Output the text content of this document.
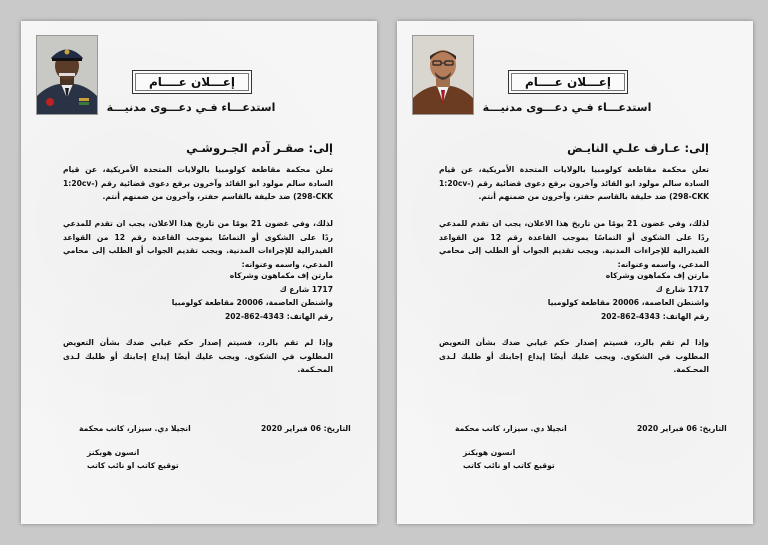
إعـــلان عــــام
استدعـــاء فـي دعـــوى مدنيـــة
إلى: صقـر آدم الجـروشـي
تعلن محكمة مقاطعة كولومبيا بالولايات المتحدة الأمريكية، عن قيام السادة سالم مولود ابو القائد وآخرون برفع دعوى قضائية رقم (1:20cv-298-CKK) ضد خليفة بالقاسم حفتر، وآخرون من ضمنهم أنتم.
لذلك، وفي غضون 21 يومًا من تاريخ هذا الاعلان، يجب ان تقدم للمدعي ردًا على الشكوى أو التماسًا بموجب القاعدة رقم 12 من القواعد الفيدرالية للإجراءات المدنية. ويجب تقديم الجواب أو الطلب إلى محامي المدعي، واسمه وعنوانه:
مارتن إف مكماهون وشركاه
1717 شارع ك
واشنطن العاصمة، 20006 مقاطعة كولومبيا
رقم الهاتف: 4343-862-202
وإذا لم تقم بالرد، فسيتم إصدار حكم غيابي ضدك بشأن التعويض المطلوب في الشكوى. ويجب عليك أيضًا إيداع إجابتك أو طلبك لـدى المحـكمة.
التاريخ: 06 فبراير 2020
انجيلا دي. سيزار، كاتب محكمة
انسون هوبكنز
توقيع كاتب او نائب كاتب
إعـــلان عــــام
استدعـــاء فـي دعـــوى مدنيـــة
إلى: عـارف علـي النايـض
تعلن محكمة مقاطعة كولومبيا بالولايات المتحدة الأمريكية، عن قيام السادة سالم مولود ابو القائد وآخرون برفع دعوى قضائية رقم (1:20cv-298-CKK) ضد خليفة بالقاسم حفتر، وآخرون من ضمنهم أنتم.
لذلك، وفي غضون 21 يومًا من تاريخ هذا الاعلان، يجب ان تقدم للمدعي ردًا على الشكوى أو التماسًا بموجب القاعدة رقم 12 من القواعد الفيدرالية للإجراءات المدنية. ويجب تقديم الجواب أو الطلب إلى محامي المدعي، واسمه وعنوانه:
مارتن إف مكماهون وشركاه
1717 شارع ك
واشنطن العاصمة، 20006 مقاطعة كولومبيا
رقم الهاتف: 4343-862-202
وإذا لم تقم بالرد، فسيتم إصدار حكم غيابي ضدك بشأن التعويض المطلوب في الشكوى. ويجب عليك أيضًا إيداع إجابتك أو طلبك لـدى المحـكمة.
التاريخ: 06 فبراير 2020
انجيلا دي. سيزار، كاتب محكمة
انسون هوبكنز
توقيع كاتب او نائب كاتب
